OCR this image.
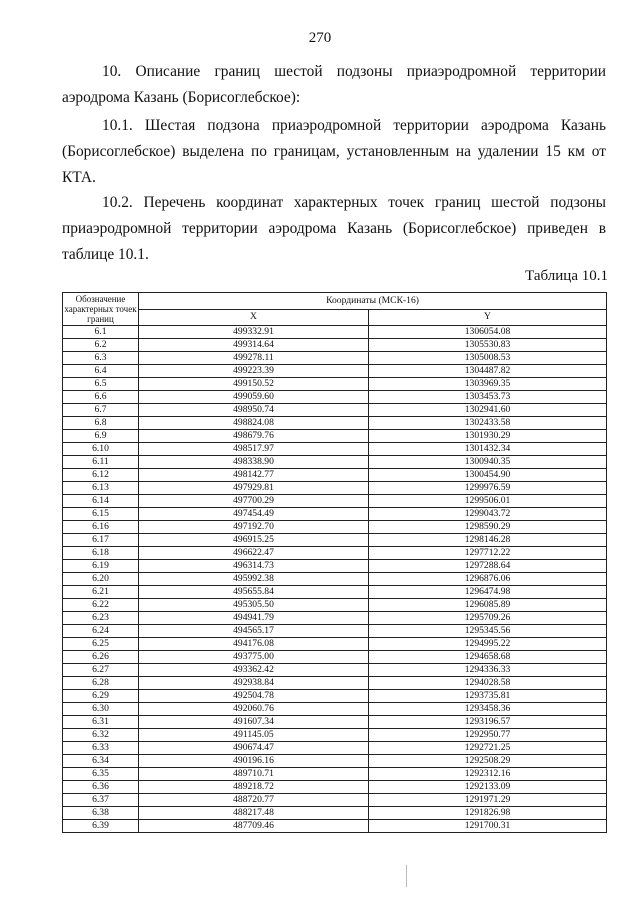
270
10. Описание границ шестой подзоны приаэродромной территории аэродрома Казань (Борисоглебское):
10.1. Шестая подзона приаэродромной территории аэродрома Казань (Борисоглебское) выделена по границам, установленным на удалении 15 км от КТА.
10.2. Перечень координат характерных точек границ шестой подзоны приаэродромной территории аэродрома Казань (Борисоглебское) приведен в таблице 10.1.
Таблица 10.1
Обозначение характерных точек границ	Координаты (МСК-16)	
	X	Y
6.1	499332.91	1306054.08
6.2	499314.64	1305530.83
6.3	499278.11	1305008.53
6.4	499223.39	1304487.82
6.5	499150.52	1303969.35
6.6	499059.60	1303453.73
6.7	498950.74	1302941.60
6.8	498824.08	1302433.58
6.9	498679.76	1301930.29
6.10	498517.97	1301432.34
6.11	498338.90	1300940.35
6.12	498142.77	1300454.90
6.13	497929.81	1299976.59
6.14	497700.29	1299506.01
6.15	497454.49	1299043.72
6.16	497192.70	1298590.29
6.17	496915.25	1298146.28
6.18	496622.47	1297712.22
6.19	496314.73	1297288.64
6.20	495992.38	1296876.06
6.21	495655.84	1296474.98
6.22	495305.50	1296085.89
6.23	494941.79	1295709.26
6.24	494565.17	1295345.56
6.25	494176.08	1294995.22
6.26	493775.00	1294658.68
6.27	493362.42	1294336.33
6.28	492938.84	1294028.58
6.29	492504.78	1293735.81
6.30	492060.76	1293458.36
6.31	491607.34	1293196.57
6.32	491145.05	1292950.77
6.33	490674.47	1292721.25
6.34	490196.16	1292508.29
6.35	489710.71	1292312.16
6.36	489218.72	1292133.09
6.37	488720.77	1291971.29
6.38	488217.48	1291826.98
6.39	487709.46	1291700.31
